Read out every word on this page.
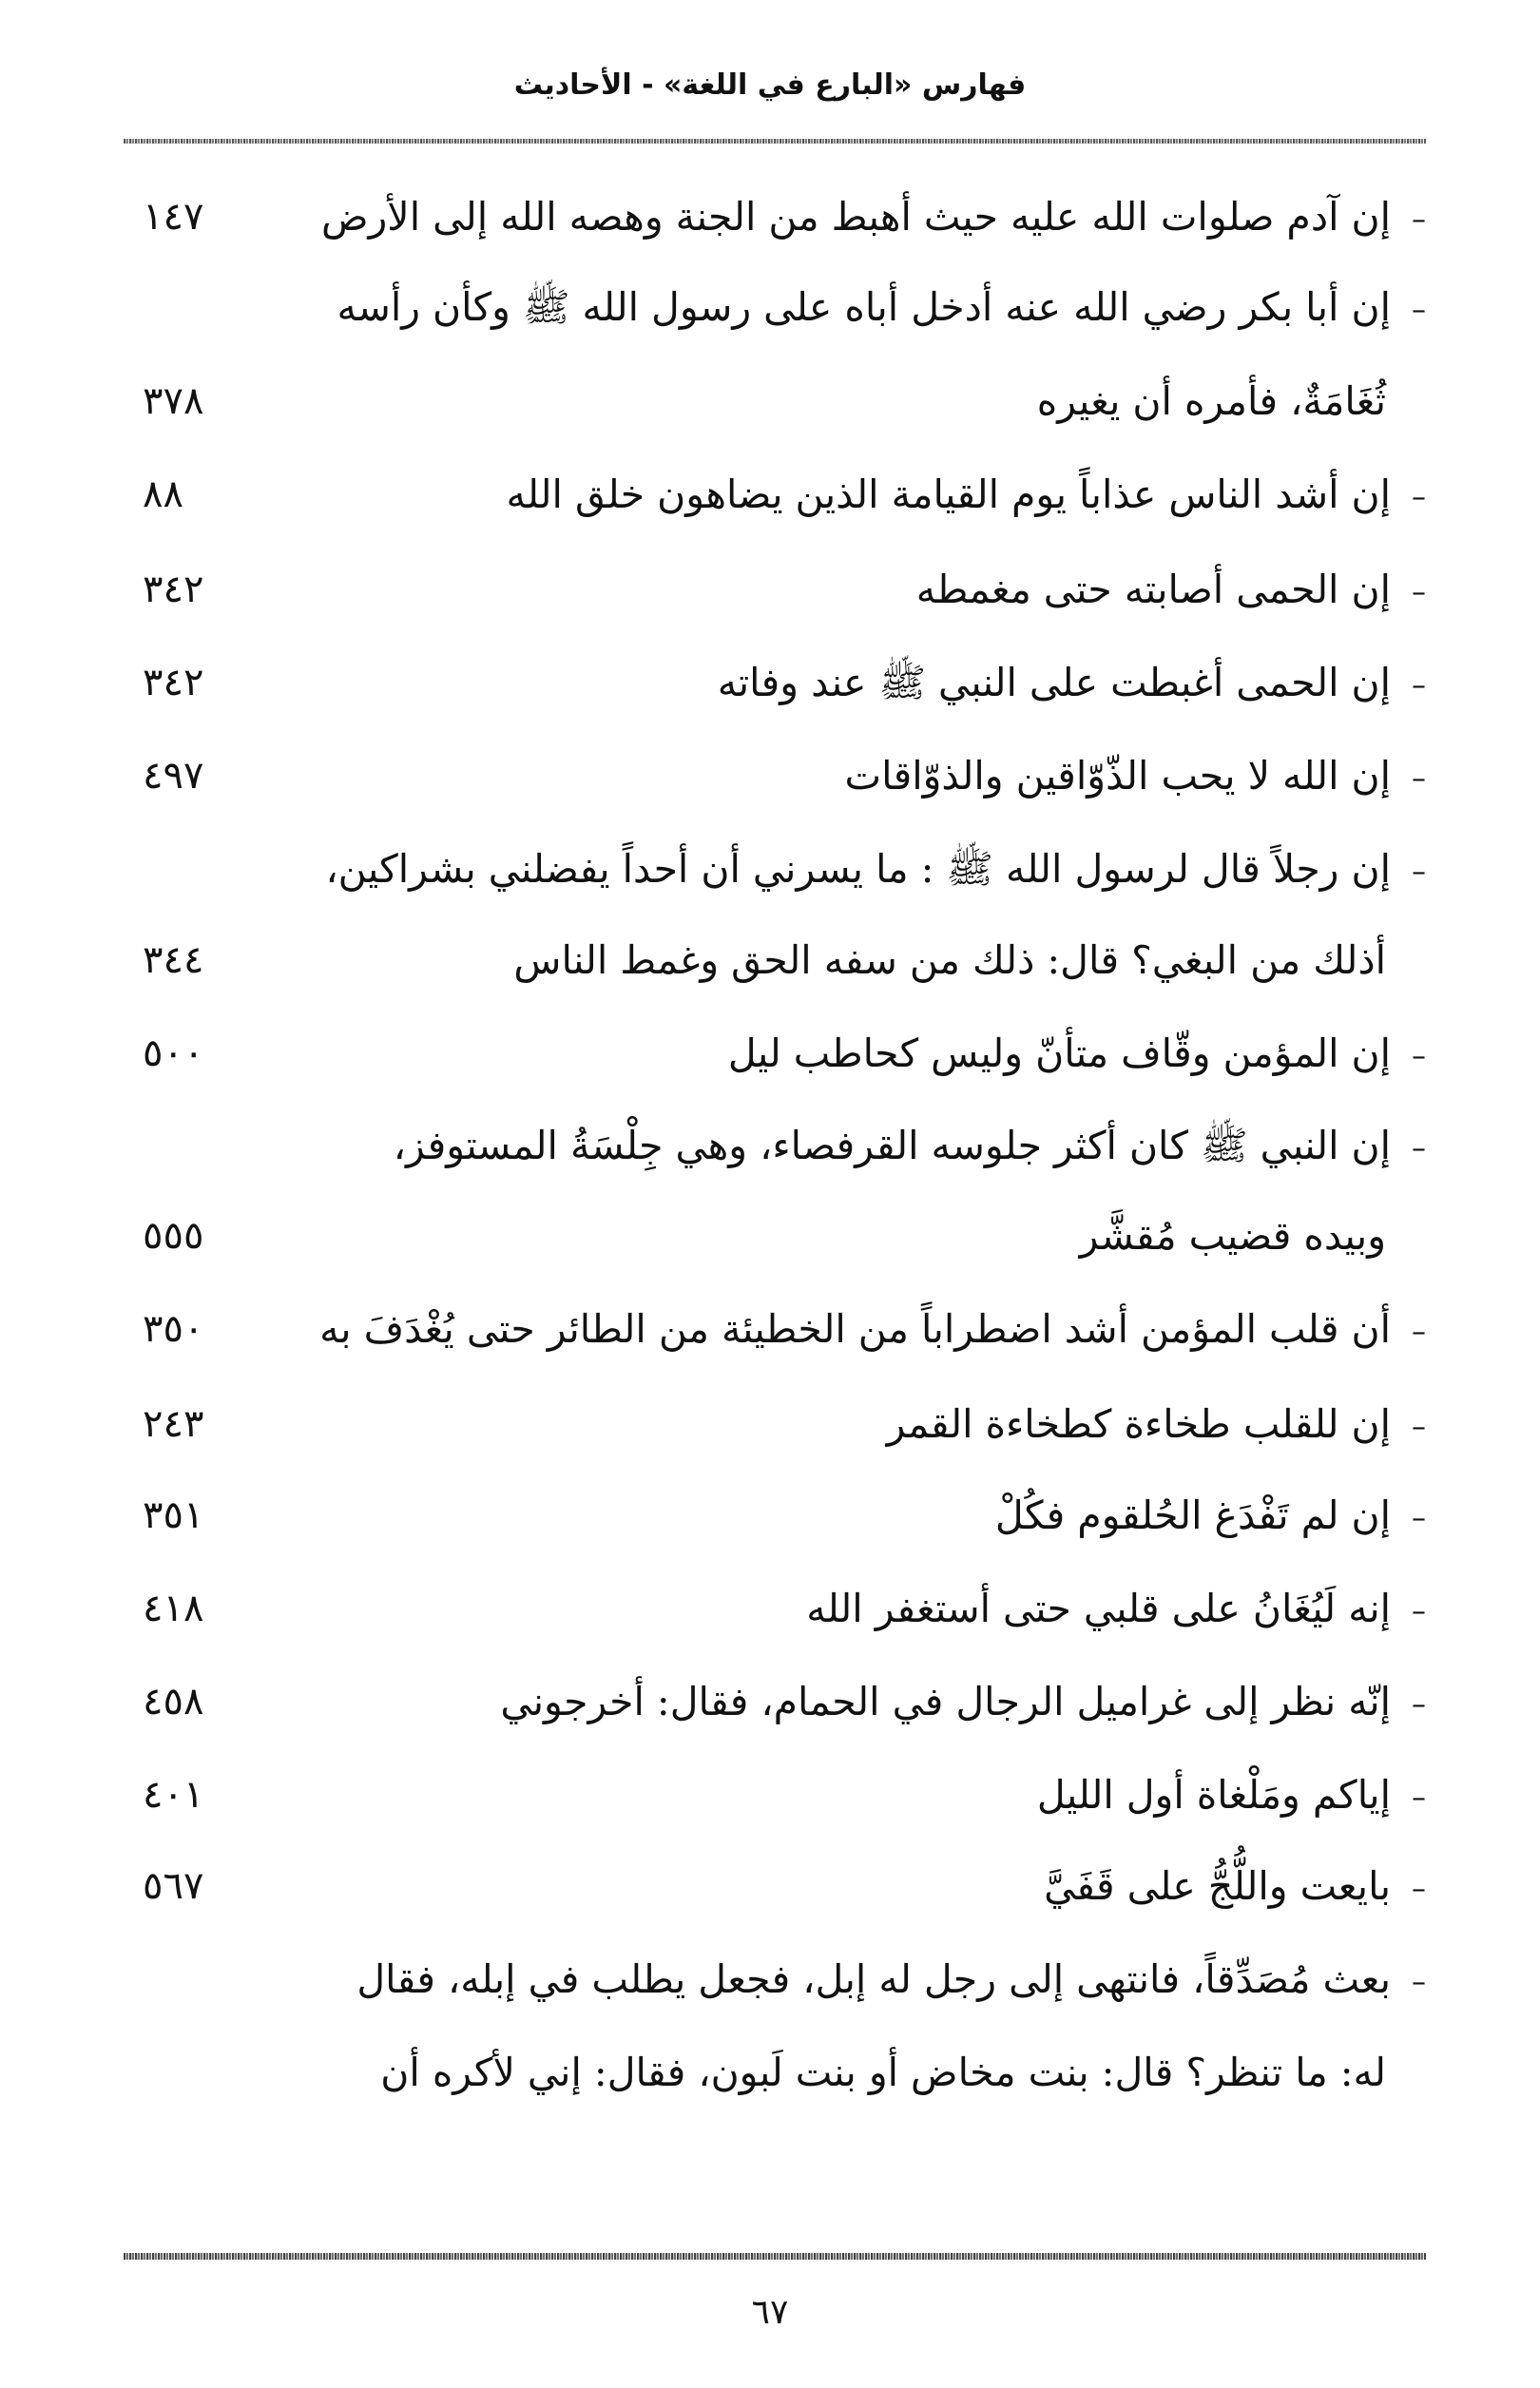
فهارس «البارع في اللغة» - الأحاديث
–إن آدم صلوات الله عليه حيث أهبط من الجنة وهصه الله إلى الأرض
١٤٧
–إن أبا بكر رضي الله عنه أدخل أباه على رسول الله ﷺ وكأن رأسه
ثُغَامَةٌ، فأمره أن يغيره
٣٧٨
–إن أشد الناس عذاباً يوم القيامة الذين يضاهون خلق الله
٨٨
–إن الحمى أصابته حتى مغمطه
٣٤٢
–إن الحمى أغبطت على النبي ﷺ عند وفاته
٣٤٢
–إن الله لا يحب الذّوّاقين والذوّاقات
٤٩٧
–إن رجلاً قال لرسول الله ﷺ : ما يسرني أن أحداً يفضلني بشراكين،
أذلك من البغي؟ قال: ذلك من سفه الحق وغمط الناس
٣٤٤
–إن المؤمن وقّاف متأنّ وليس كحاطب ليل
٥٠٠
–إن النبي ﷺ كان أكثر جلوسه القرفصاء، وهي جِلْسَةُ المستوفز،
وبيده قضيب مُقشَّر
٥٥٥
–أن قلب المؤمن أشد اضطراباً من الخطيئة من الطائر حتى يُغْدَفَ به
٣٥٠
–إن للقلب طخاءة كطخاءة القمر
٢٤٣
–إن لم تَفْدَغ الحُلقوم فكُلْ
٣٥١
–إنه لَيُغَانُ على قلبي حتى أستغفر الله
٤١٨
–إنّه نظر إلى غراميل الرجال في الحمام، فقال: أخرجوني
٤٥٨
–إياكم ومَلْغاة أول الليل
٤٠١
–بايعت واللُّجُّ على قَفَيَّ
٥٦٧
–بعث مُصَدِّقاً، فانتهى إلى رجل له إبل، فجعل يطلب في إبله، فقال
له: ما تنظر؟ قال: بنت مخاض أو بنت لَبون، فقال: إني لأكره أن
٦٧
